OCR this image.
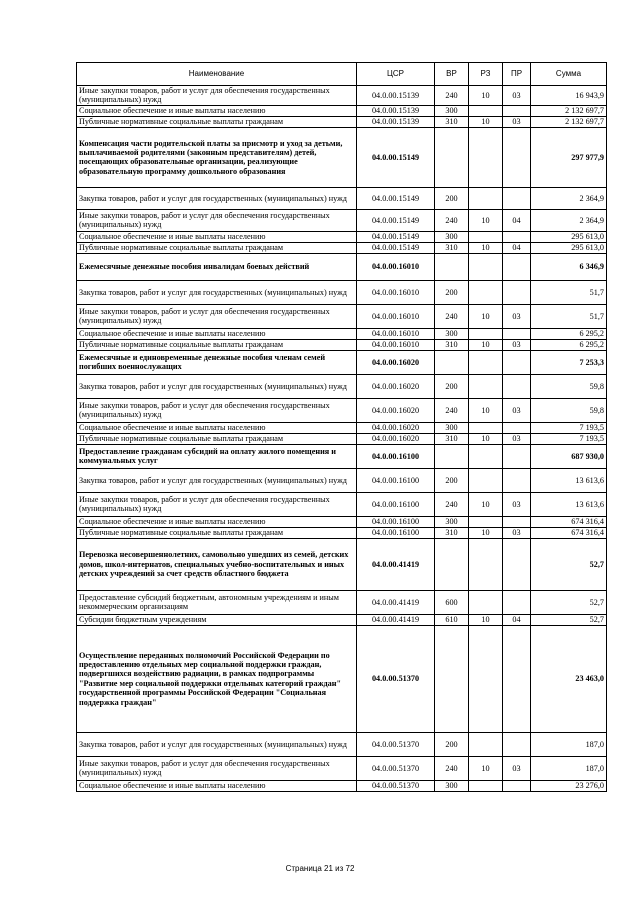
Наименование	ЦСР	ВР	РЗ	ПР	Сумма
Иные закупки товаров, работ и услуг для обеспечения государственных (муниципальных) нужд	04.0.00.15139	240	10	03	16 943,9
Социальное обеспечение и иные выплаты населению	04.0.00.15139	300			2 132 697,7
Публичные нормативные социальные выплаты гражданам	04.0.00.15139	310	10	03	2 132 697,7
Компенсация части родительской платы за присмотр и уход за детьми, выплачиваемой родителями (законным представителям) детей, посещающих образовательные организации, реализующие образовательную программу дошкольного образования	04.0.00.15149				297 977,9
Закупка товаров, работ и услуг для государственных (муниципальных) нужд	04.0.00.15149	200			2 364,9
Иные закупки товаров, работ и услуг для обеспечения государственных (муниципальных) нужд	04.0.00.15149	240	10	04	2 364,9
Социальное обеспечение и иные выплаты населению	04.0.00.15149	300			295 613,0
Публичные нормативные социальные выплаты гражданам	04.0.00.15149	310	10	04	295 613,0
Ежемесячные денежные пособия инвалидам боевых действий	04.0.00.16010				6 346,9
Закупка товаров, работ и услуг для государственных (муниципальных) нужд	04.0.00.16010	200			51,7
Иные закупки товаров, работ и услуг для обеспечения государственных (муниципальных) нужд	04.0.00.16010	240	10	03	51,7
Социальное обеспечение и иные выплаты населению	04.0.00.16010	300			6 295,2
Публичные нормативные социальные выплаты гражданам	04.0.00.16010	310	10	03	6 295,2
Ежемесячные и единовременные денежные пособия членам семей погибших военнослужащих	04.0.00.16020				7 253,3
Закупка товаров, работ и услуг для государственных (муниципальных) нужд	04.0.00.16020	200			59,8
Иные закупки товаров, работ и услуг для обеспечения государственных (муниципальных) нужд	04.0.00.16020	240	10	03	59,8
Социальное обеспечение и иные выплаты населению	04.0.00.16020	300			7 193,5
Публичные нормативные социальные выплаты гражданам	04.0.00.16020	310	10	03	7 193,5
Предоставление гражданам субсидий на оплату жилого помещения и коммунальных услуг	04.0.00.16100				687 930,0
Закупка товаров, работ и услуг для государственных (муниципальных) нужд	04.0.00.16100	200			13 613,6
Иные закупки товаров, работ и услуг для обеспечения государственных (муниципальных) нужд	04.0.00.16100	240	10	03	13 613,6
Социальное обеспечение и иные выплаты населению	04.0.00.16100	300			674 316,4
Публичные нормативные социальные выплаты гражданам	04.0.00.16100	310	10	03	674 316,4
Перевозка несовершеннолетних, самовольно ушедших из семей, детских домов, школ-интернатов, специальных учебно-воспитательных и иных детских учреждений за счет средств областного бюджета	04.0.00.41419				52,7
Предоставление субсидий бюджетным, автономным учреждениям и иным некоммерческим организациям	04.0.00.41419	600			52,7
Субсидии бюджетным учреждениям	04.0.00.41419	610	10	04	52,7
Осуществление переданных полномочий Российской Федерации по предоставлению отдельных мер социальной поддержки граждан, подвергшихся воздействию радиации, в рамках подпрограммы "Развитие мер социальной поддержки отдельных категорий граждан" государственной программы Российской Федерации "Социальная поддержка граждан"	04.0.00.51370				23 463,0
Закупка товаров, работ и услуг для государственных (муниципальных) нужд	04.0.00.51370	200			187,0
Иные закупки товаров, работ и услуг для обеспечения государственных (муниципальных) нужд	04.0.00.51370	240	10	03	187,0
Социальное обеспечение и иные выплаты населению	04.0.00.51370	300			23 276,0
Страница 21 из 72
